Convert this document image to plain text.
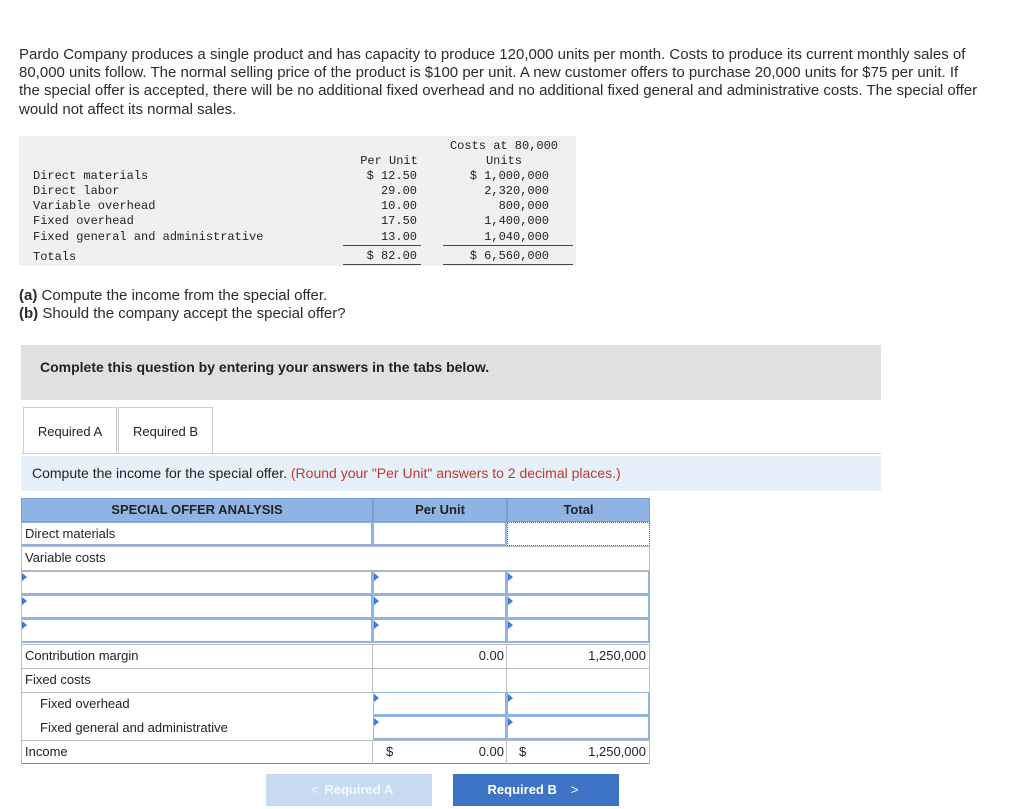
Pardo Company produces a single product and has capacity to produce 120,000 units per month. Costs to produce its current monthly sales of 80,000 units follow. The normal selling price of the product is $100 per unit. A new customer offers to purchase 20,000 units for $75 per unit. If the special offer is accepted, there will be no additional fixed overhead and no additional fixed general and administrative costs. The special offer would not affect its normal sales.
Per Unit
Costs at 80,000
Units
Direct materials	$ 12.50	$ 1,000,000
Direct labor	29.00	2,320,000
Variable overhead	10.00	800,000
Fixed overhead	17.50	1,400,000
Fixed general and administrative	13.00	1,040,000
Totals	$ 82.00	$ 6,560,000
(a) Compute the income from the special offer.
(b) Should the company accept the special offer?
Complete this question by entering your answers in the tabs below.
Required A	Required B
Compute the income for the special offer. (Round your "Per Unit" answers to 2 decimal places.)
SPECIAL OFFER ANALYSIS	Per Unit	Total
Direct materials
Variable costs
Contribution margin	0.00	1,250,000
Fixed costs
Fixed overhead
Fixed general and administrative
Income	$	0.00 $	1,250,000
< Required A	Required B >
